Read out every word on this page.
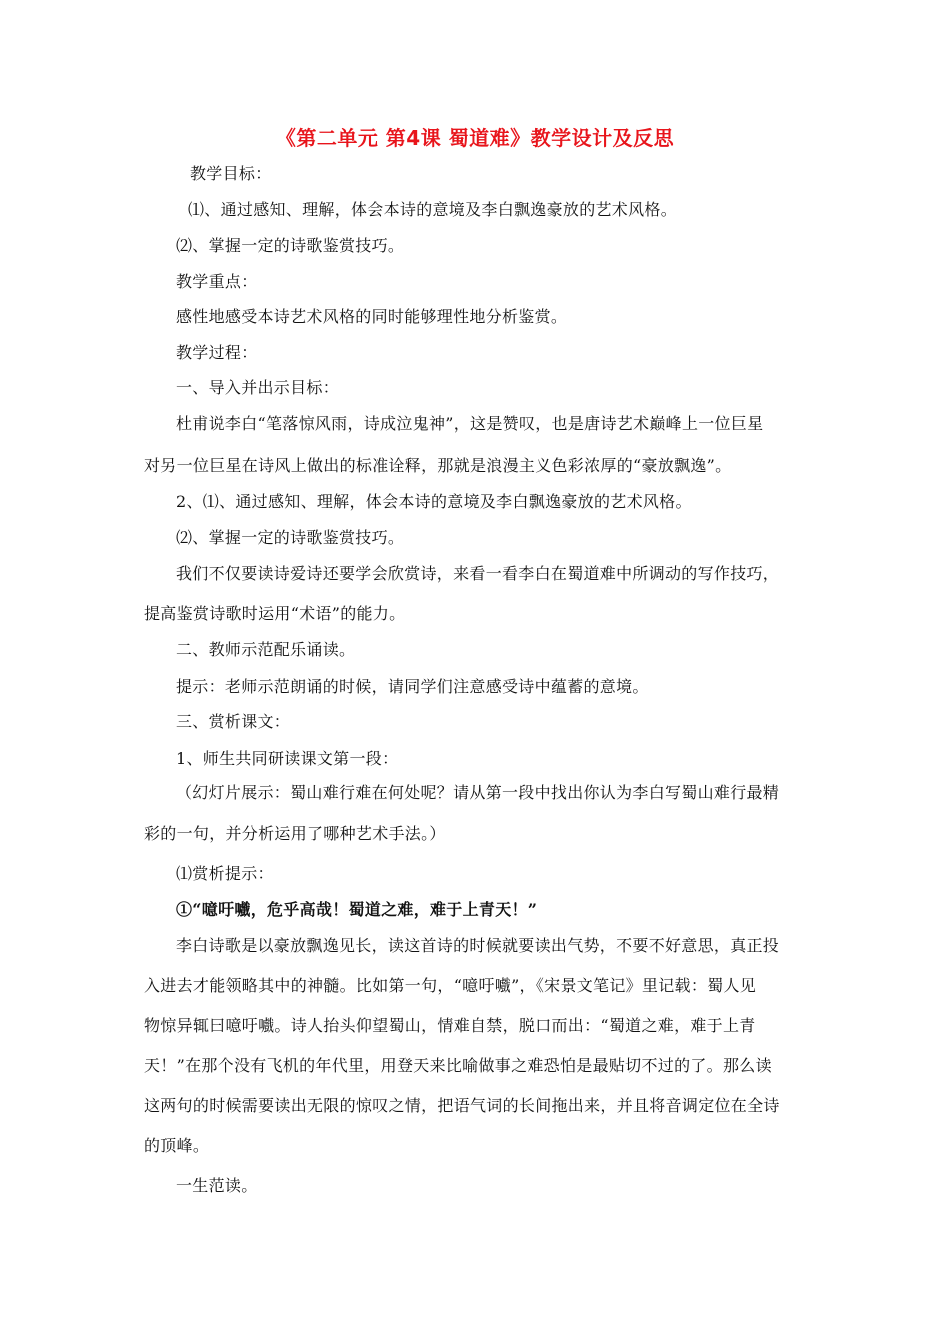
《第二单元 第4课 蜀道难》教学设计及反思
教学目标：
⑴、通过感知、理解，体会本诗的意境及李白飘逸豪放的艺术风格。
⑵、掌握一定的诗歌鉴赏技巧。
教学重点：
感性地感受本诗艺术风格的同时能够理性地分析鉴赏。
教学过程：
一、导入并出示目标：
杜甫说李白“笔落惊风雨，诗成泣鬼神”，这是赞叹，也是唐诗艺术巅峰上一位巨星
对另一位巨星在诗风上做出的标准诠释，那就是浪漫主义色彩浓厚的“豪放飘逸”。
2、⑴、通过感知、理解，体会本诗的意境及李白飘逸豪放的艺术风格。
⑵、掌握一定的诗歌鉴赏技巧。
我们不仅要读诗爱诗还要学会欣赏诗，来看一看李白在蜀道难中所调动的写作技巧，
提高鉴赏诗歌时运用“术语”的能力。
二、教师示范配乐诵读。
提示：老师示范朗诵的时候，请同学们注意感受诗中蕴蓄的意境。
三、赏析课文：
1、师生共同研读课文第一段：
（幻灯片展示：蜀山难行难在何处呢？请从第一段中找出你认为李白写蜀山难行最精
彩的一句，并分析运用了哪种艺术手法。）
⑴赏析提示：
①“噫吁嚱，危乎高哉！蜀道之难，难于上青天！”
李白诗歌是以豪放飘逸见长，读这首诗的时候就要读出气势，不要不好意思，真正投
入进去才能领略其中的神髓。比如第一句，“噫吁嚱”，《宋景文笔记》里记载：蜀人见
物惊异辄曰噫吁嚱。诗人抬头仰望蜀山，情难自禁，脱口而出：“蜀道之难，难于上青
天！”在那个没有飞机的年代里，用登天来比喻做事之难恐怕是最贴切不过的了。那么读
这两句的时候需要读出无限的惊叹之情，把语气词的长间拖出来，并且将音调定位在全诗
的顶峰。
一生范读。
